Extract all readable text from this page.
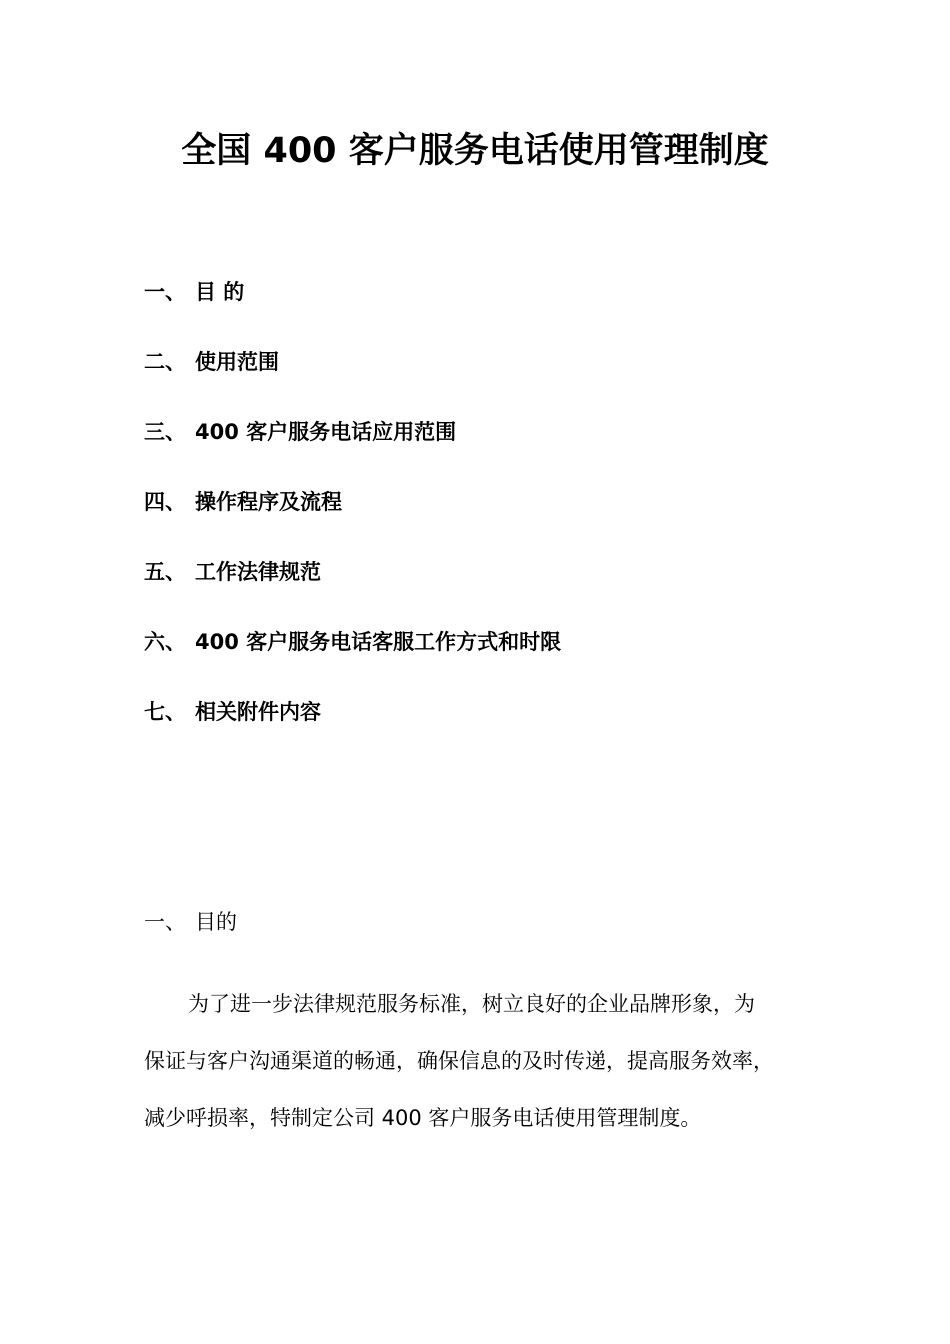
全国 400 客户服务电话使用管理制度
一、 目 的
二、 使用范围
三、 400 客户服务电话应用范围
四、 操作程序及流程
五、 工作法律规范
六、 400 客户服务电话客服工作方式和时限
七、 相关附件内容
一、 目的

为了进一步法律规范服务标准，树立良好的企业品牌形象，为
保证与客户沟通渠道的畅通，确保信息的及时传递，提高服务效率，
减少呼损率，特制定公司 400 客户服务电话使用管理制度。
